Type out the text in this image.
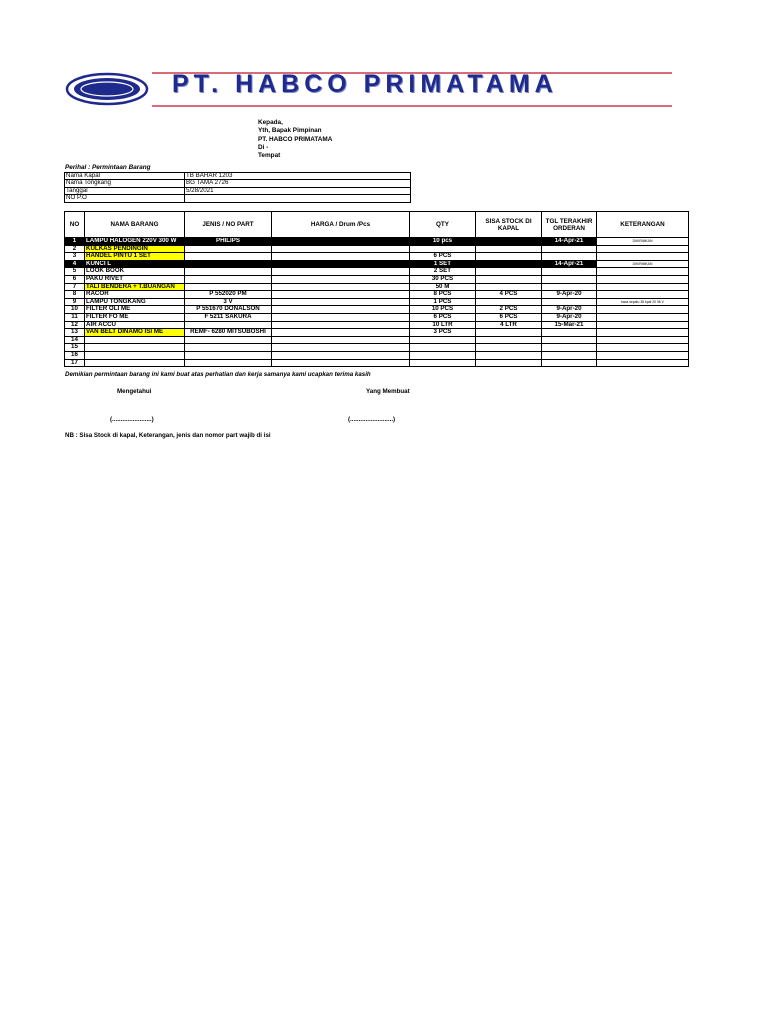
PT. HABCO PRIMATAMA
Kepada,
Yth, Bapak Pimpinan
PT. HABCO PRIMATAMA
Di -
Tempat
Perihal : Permintaan Barang
Nama Kapal	TB BAHAR 1203
Nama Tongkang	BG TAMA 2726
Tanggal	5/28/2021
NO P.O	
NO	NAMA BARANG	JENIS / NO PART	HARGA / Drum /Pcs	QTY	SISA STOCK DI KAPAL	TGL TERAKHIR ORDERAN	KETERANGAN
1	LAMPU HALOGEN 220V 300 W	PHILIPS		10 pcs		14-Apr-21	DIKIRIMKAN
2	KULKAS PENDINGIN						
3	HANDEL PINTU 1 SET			6 PCS			
4	KUNCI L			1 SET		14-Apr-21	DIKIRIMKAN
5	LOOK BOOK			2 SET			
6	PAKU RIVET			30 PCS			
7	TALI BENDERA + T.BUANGAN			50 M			
8	RACOR	P 552020 PM		8 PCS	4 PCS	9-Apr-20	
9	LAMPU TONGKANG	3 V		1 PCS			kaca sepatu 36 kpal 20 36 V
10	FILTER OLI ME	P 551670 DONALSON		10 PCS	2 PCS	9-Apr-20	
11	FILTER FO ME	F 5211 SAKURA		6 PCS	6 PCS	9-Apr-20	
12	AIR ACCU			10 LTR	4 LTR	15-Mar-21	
13	VAN BELT DINAMO ISI ME	REMF- 6280 MITSUBOSHI		3 PCS			
14							
15							
16							
17							
Demikian permintaan barang ini kami buat atas perhatian dan kerja samanya kami ucapkan terima kasih
Mengetahui	Yang Membuat
(.......................)	(.........................)
NB : Sisa Stock di kapal, Keterangan, jenis dan nomor part wajib di isi
